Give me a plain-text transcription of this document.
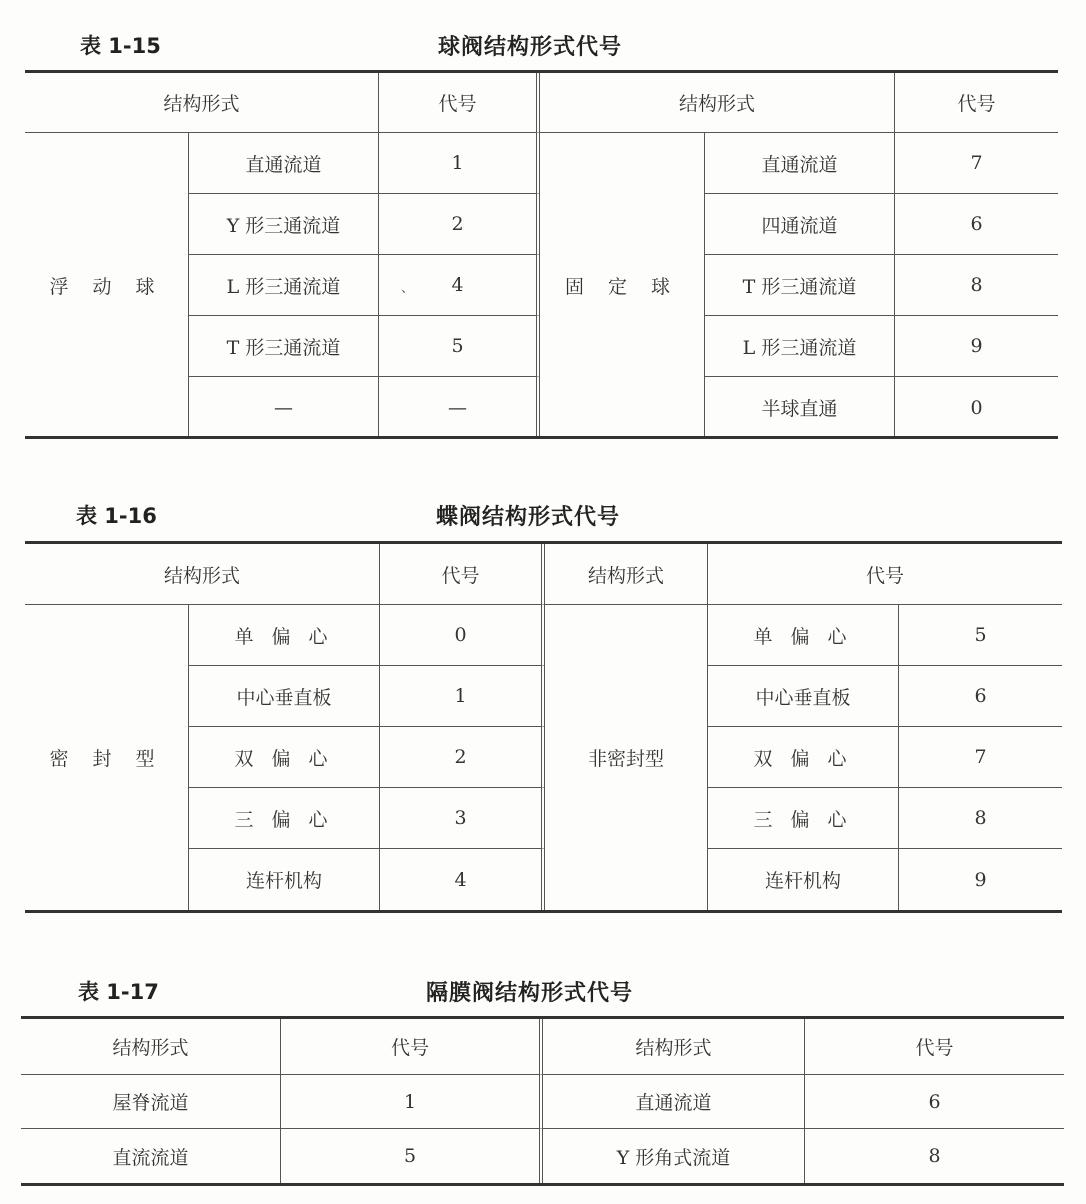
表 1-15	球阀结构形式代号
结构形式	代号	结构形式	代号
浮 动 球
直通流道	1
Y 形三通流道	2
L 形三通流道	、 4
T 形三通流道	5
—	—
固 定 球
直通流道	7
四通流道	6
T 形三通流道	8
L 形三通流道	9
半球直通	0
表 1-16	蝶阀结构形式代号
结构形式	代号	结构形式	代号
密 封 型
单 偏 心	0
中心垂直板	1
双 偏 心	2
三 偏 心	3
连杆机构	4
非密封型
单 偏 心	5
中心垂直板	6
双 偏 心	7
三 偏 心	8
连杆机构	9
表 1-17	隔膜阀结构形式代号
结构形式	代号	结构形式	代号
屋脊流道	1	直通流道	6
直流流道	5	Y 形角式流道	8
